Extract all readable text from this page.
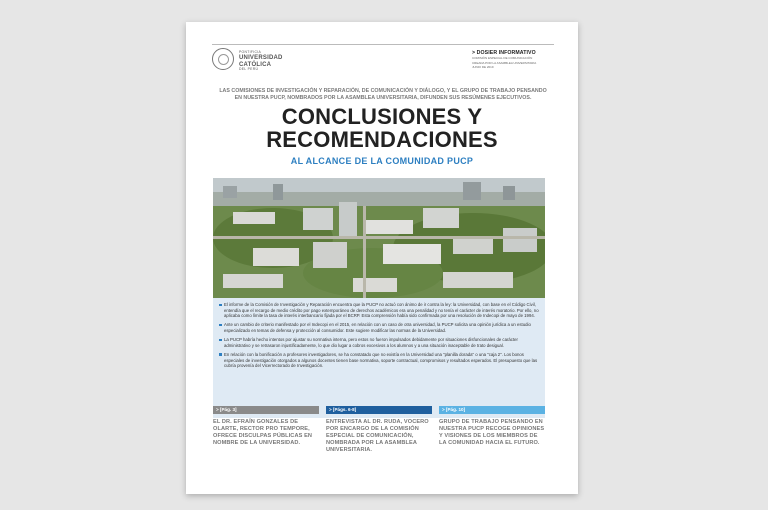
PONTIFICIA
UNIVERSIDAD
CATÓLICA
DEL PERÚ
> DOSIER INFORMATIVO
COMISIÓN ESPECIAL DE COMUNICACIÓN
CREADA POR LA ASAMBLEA UNIVERSITARIA
JUNIO DE 2019
LAS COMISIONES DE INVESTIGACIÓN Y REPARACIÓN, DE COMUNICACIÓN Y DIÁLOGO, Y EL GRUPO DE TRABAJO PENSANDO EN NUESTRA PUCP, NOMBRADOS POR LA ASAMBLEA UNIVERSITARIA, DIFUNDEN SUS RESÚMENES EJECUTIVOS.
CONCLUSIONES Y
RECOMENDACIONES
AL ALCANCE DE LA COMUNIDAD PUCP
El informe de la Comisión de Investigación y Reparación encuentra que la PUCP no actuó con ánimo de ir contra la ley: la Universidad, con base en el Código Civil, entendía que el recargo de medio crédito por pago extemporáneo de derechos académicos era una penalidad y no tenía el carácter de interés moratorio. Por ello, no aplicaba como límite la tasa de interés interbancario fijada por el BCRP. Esta comprensión había sido confirmada por una resolución de Indecopi de mayo de 1994.
Ante un cambio de criterio manifestado por el Indecopi en el 2015, en relación con un caso de otra universidad, la PUCP solicita una opinión jurídica a un estudio especializado en temas de defensa y protección al consumidor. Este sugiere modificar las normas de la Universidad.
La PUCP habría hecho intentos por ajustar su normativa interna, pero estos no fueron impulsados debidamente por situaciones disfuncionales de carácter administrativo y se retrasaron injustificadamente, lo que dio lugar a cobros excesivos a los alumnos y a una situación inaceptable de trato desigual.
En relación con la bonificación a profesores investigadores, se ha constatado que no existía en la Universidad una "planilla dorada" o una "caja 2". Los bonos especiales de investigación otorgados a algunos docentes tienen base normativa, soporte contractual, compromisos y resultados esperados. El presupuesto que las cubría provenía del Vicerrectorado de Investigación.
> [Pág. 3]
EL DR. EFRAÍN GONZALES DE OLARTE, RECTOR PRO TEMPORE, OFRECE DISCULPAS PÚBLICAS EN NOMBRE DE LA UNIVERSIDAD.
> [Págs. 6-8]
ENTREVISTA AL DR. RUDA, VOCERO POR ENCARGO DE LA COMISIÓN ESPECIAL DE COMUNICACIÓN, NOMBRADA POR LA ASAMBLEA UNIVERSITARIA.
> [Pág. 10]
GRUPO DE TRABAJO PENSANDO EN NUESTRA PUCP RECOGE OPINIONES Y VISIONES DE LOS MIEMBROS DE LA COMUNIDAD HACIA EL FUTURO.
